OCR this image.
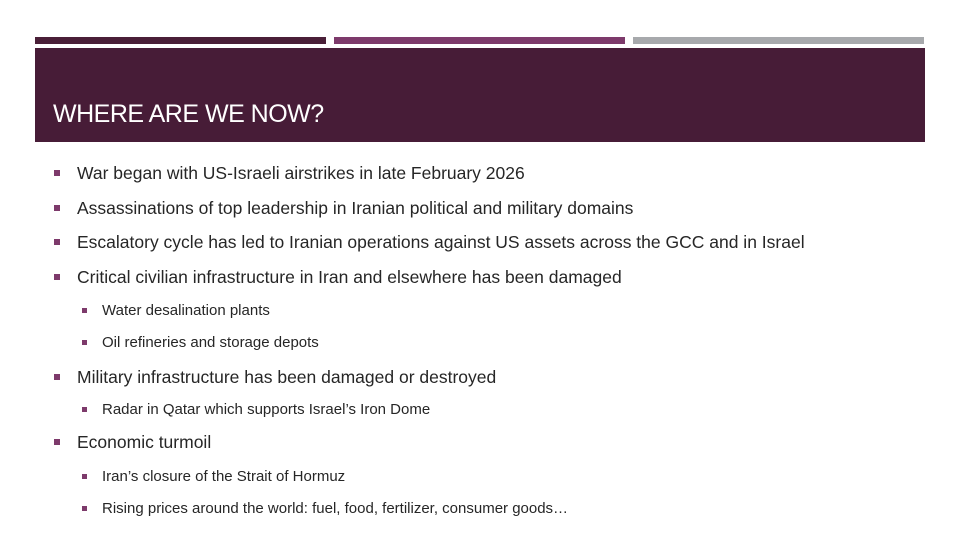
WHERE ARE WE NOW?
War began with US-Israeli airstrikes in late February 2026
Assassinations of top leadership in Iranian political and military domains
Escalatory cycle has led to Iranian operations against US assets across the GCC and in Israel
Critical civilian infrastructure in Iran and elsewhere has been damaged
Water desalination plants
Oil refineries and storage depots
Military infrastructure has been damaged or destroyed
Radar in Qatar which supports Israel’s Iron Dome
Economic turmoil
Iran’s closure of the Strait of Hormuz
Rising prices around the world: fuel, food, fertilizer, consumer goods…
